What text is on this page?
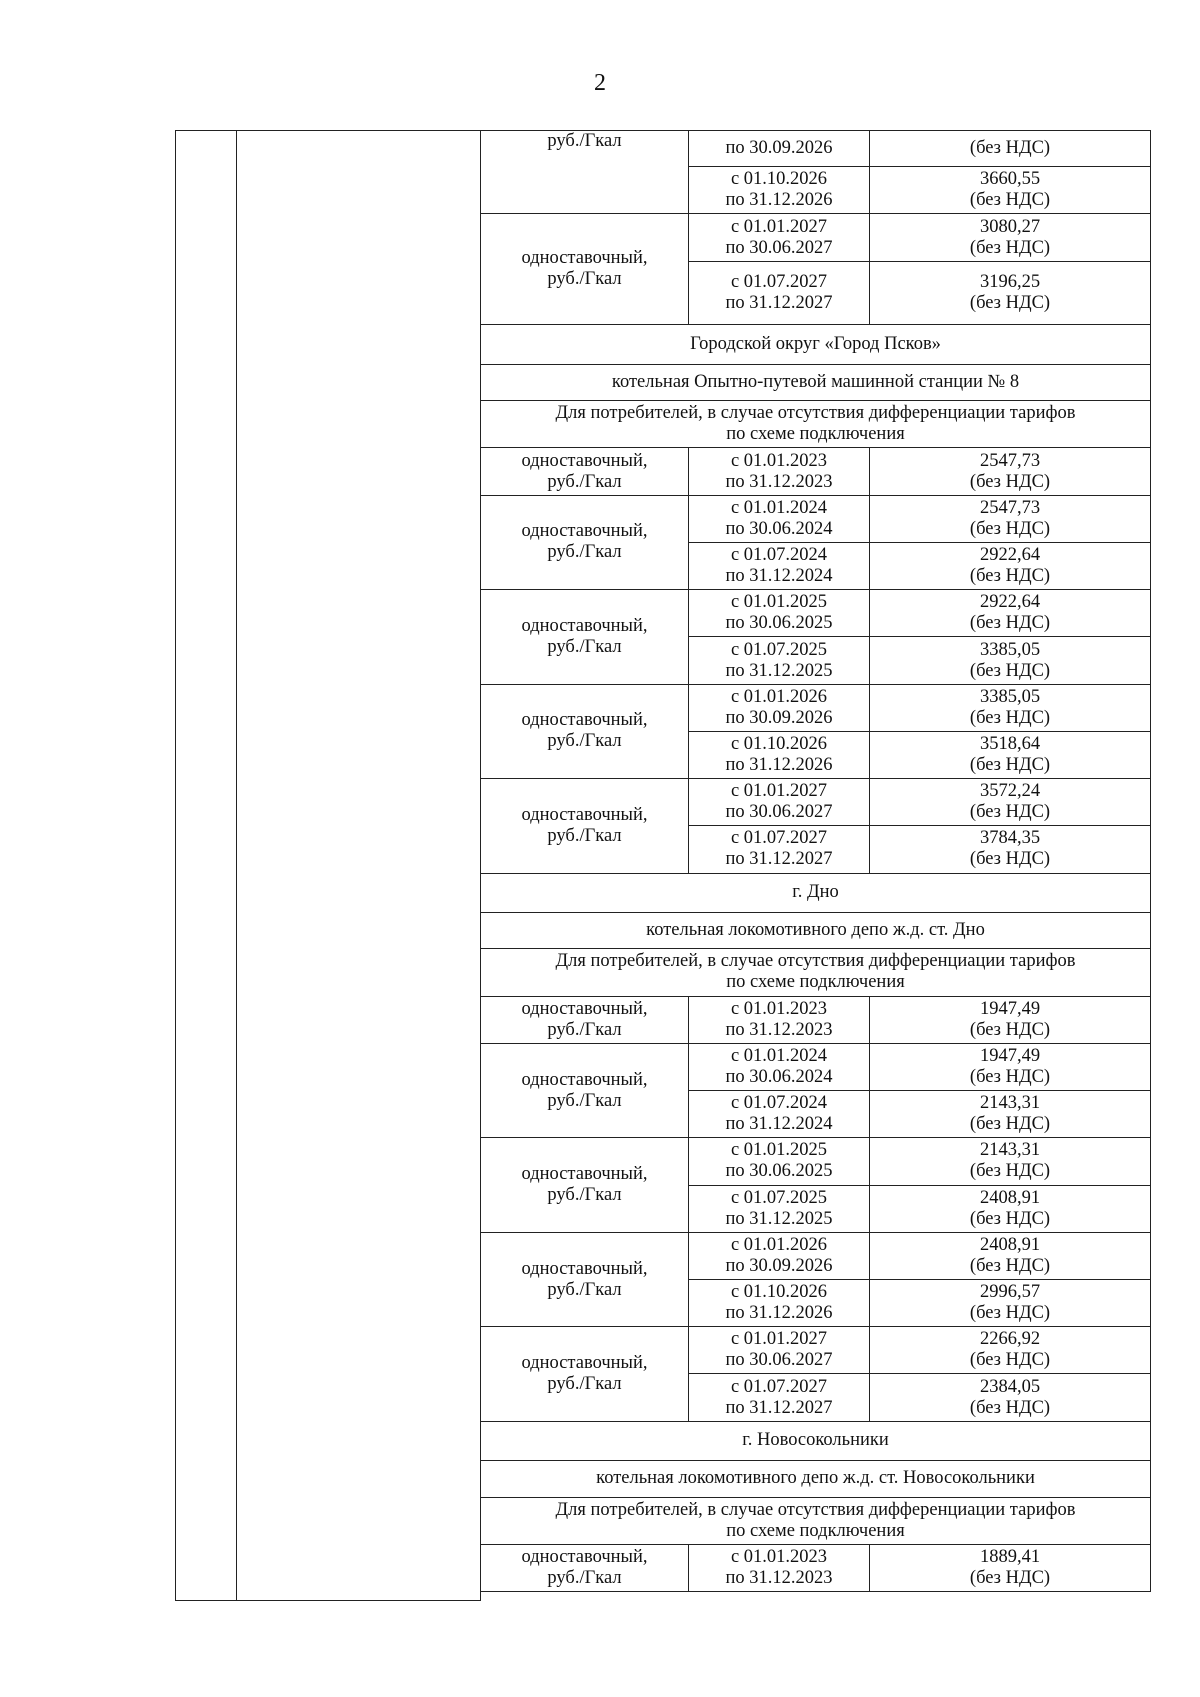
2

		руб./Гкал	по 30.09.2026	(без НДС)

			с 01.10.2026
по 31.12.2026	3660,55
(без НДС)

		одноставочный,
руб./Гкал	с 01.01.2027
по 30.06.2027	3080,27
(без НДС)

			с 01.07.2027
по 31.12.2027	3196,25
(без НДС)

		Городской округ «Город Псков»		

		котельная Опытно-путевой машинной станции № 8		

		Для потребителей, в случае отсутствия дифференциации тарифов
по схеме подключения		

		одноставочный,
руб./Гкал	с 01.01.2023
по 31.12.2023	2547,73
(без НДС)

		одноставочный,
руб./Гкал	с 01.01.2024
по 30.06.2024	2547,73
(без НДС)

			с 01.07.2024
по 31.12.2024	2922,64
(без НДС)

		одноставочный,
руб./Гкал	с 01.01.2025
по 30.06.2025	2922,64
(без НДС)

			с 01.07.2025
по 31.12.2025	3385,05
(без НДС)

		одноставочный,
руб./Гкал	с 01.01.2026
по 30.09.2026	3385,05
(без НДС)

			с 01.10.2026
по 31.12.2026	3518,64
(без НДС)

		одноставочный,
руб./Гкал	с 01.01.2027
по 30.06.2027	3572,24
(без НДС)

			с 01.07.2027
по 31.12.2027	3784,35
(без НДС)

		г. Дно		

		котельная локомотивного депо ж.д. ст. Дно		

		Для потребителей, в случае отсутствия дифференциации тарифов
по схеме подключения		

		одноставочный,
руб./Гкал	с 01.01.2023
по 31.12.2023	1947,49
(без НДС)

		одноставочный,
руб./Гкал	с 01.01.2024
по 30.06.2024	1947,49
(без НДС)

			с 01.07.2024
по 31.12.2024	2143,31
(без НДС)

		одноставочный,
руб./Гкал	с 01.01.2025
по 30.06.2025	2143,31
(без НДС)

			с 01.07.2025
по 31.12.2025	2408,91
(без НДС)

		одноставочный,
руб./Гкал	с 01.01.2026
по 30.09.2026	2408,91
(без НДС)

			с 01.10.2026
по 31.12.2026	2996,57
(без НДС)

		одноставочный,
руб./Гкал	с 01.01.2027
по 30.06.2027	2266,92
(без НДС)

			с 01.07.2027
по 31.12.2027	2384,05
(без НДС)

		г. Новосокольники		

		котельная локомотивного депо ж.д. ст. Новосокольники		

		Для потребителей, в случае отсутствия дифференциации тарифов
по схеме подключения		

		одноставочный,
руб./Гкал	с 01.01.2023
по 31.12.2023	1889,41
(без НДС)
